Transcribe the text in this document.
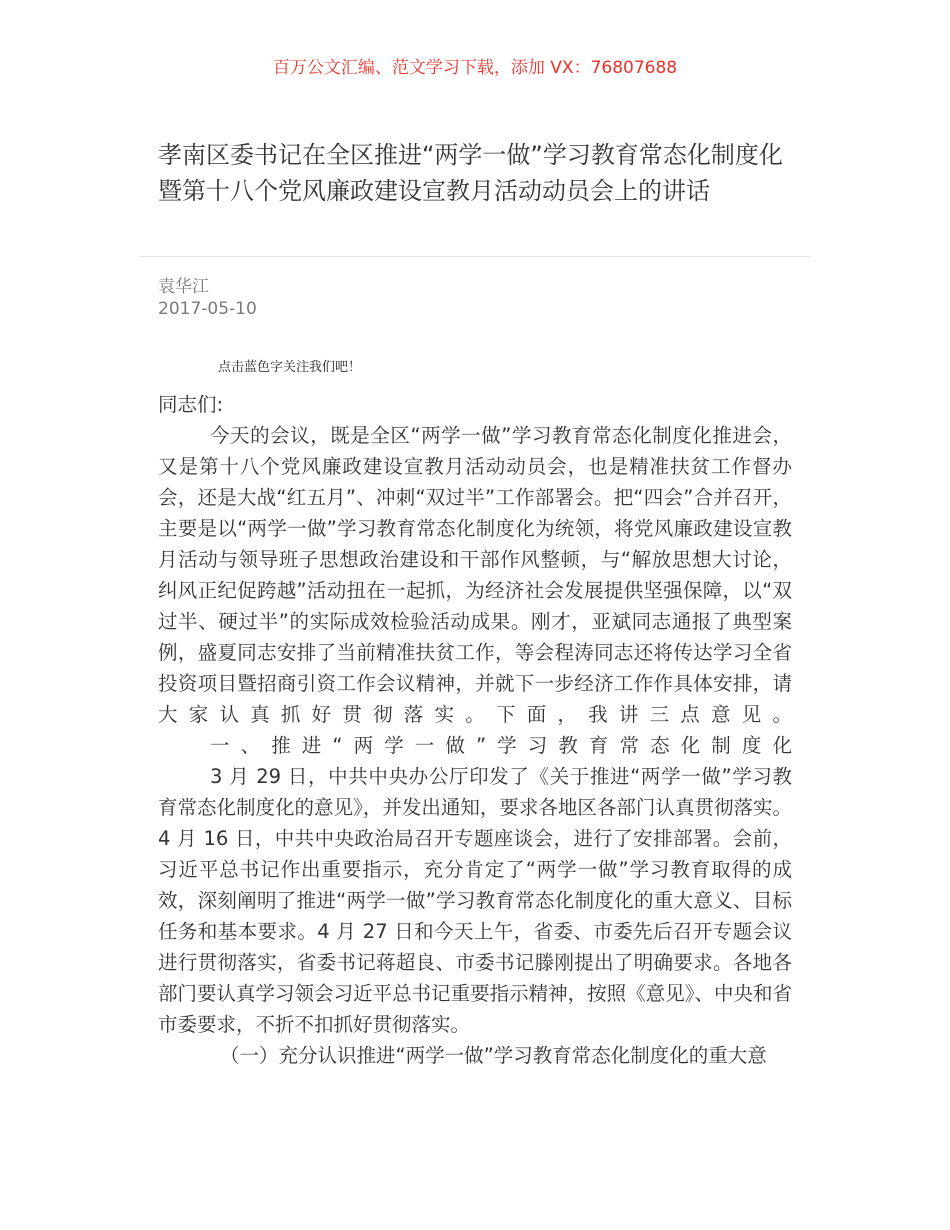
百万公文汇编、范文学习下载，添加 VX：76807688
孝南区委书记在全区推进“两学一做”学习教育常态化制度化暨第十八个党风廉政建设宣教月活动动员会上的讲话
袁华江
2017-05-10
点击蓝色字关注我们吧！

同志们:

今天的会议，既是全区“两学一做”学习教育常态化制度化推进会，又是第十八个党风廉政建设宣教月活动动员会，也是精准扶贫工作督办会，还是大战“红五月”、冲刺“双过半”工作部署会。把“四会”合并召开，主要是以“两学一做”学习教育常态化制度化为统领，将党风廉政建设宣教月活动与领导班子思想政治建设和干部作风整顿，与“解放思想大讨论，纠风正纪促跨越”活动扭在一起抓，为经济社会发展提供坚强保障，以“双过半、硬过半”的实际成效检验活动成果。刚才，亚斌同志通报了典型案例，盛夏同志安排了当前精准扶贫工作，等会程涛同志还将传达学习全省投资项目暨招商引资工作会议精神，并就下一步经济工作作具体安排，请大家认真抓好贯彻落实。下面，我讲三点意见。

一、推进“两学一做”学习教育常态化制度化

3 月 29 日，中共中央办公厅印发了《关于推进“两学一做”学习教育常态化制度化的意见》，并发出通知，要求各地区各部门认真贯彻落实。4 月 16 日，中共中央政治局召开专题座谈会，进行了安排部署。会前，习近平总书记作出重要指示，充分肯定了“两学一做”学习教育取得的成效，深刻阐明了推进“两学一做”学习教育常态化制度化的重大意义、目标任务和基本要求。4 月 27 日和今天上午，省委、市委先后召开专题会议进行贯彻落实，省委书记蒋超良、市委书记滕刚提出了明确要求。各地各部门要认真学习领会习近平总书记重要指示精神，按照《意见》、中央和省市委要求，不折不扣抓好贯彻落实。

（一）充分认识推进“两学一做”学习教育常态化制度化的重大意
